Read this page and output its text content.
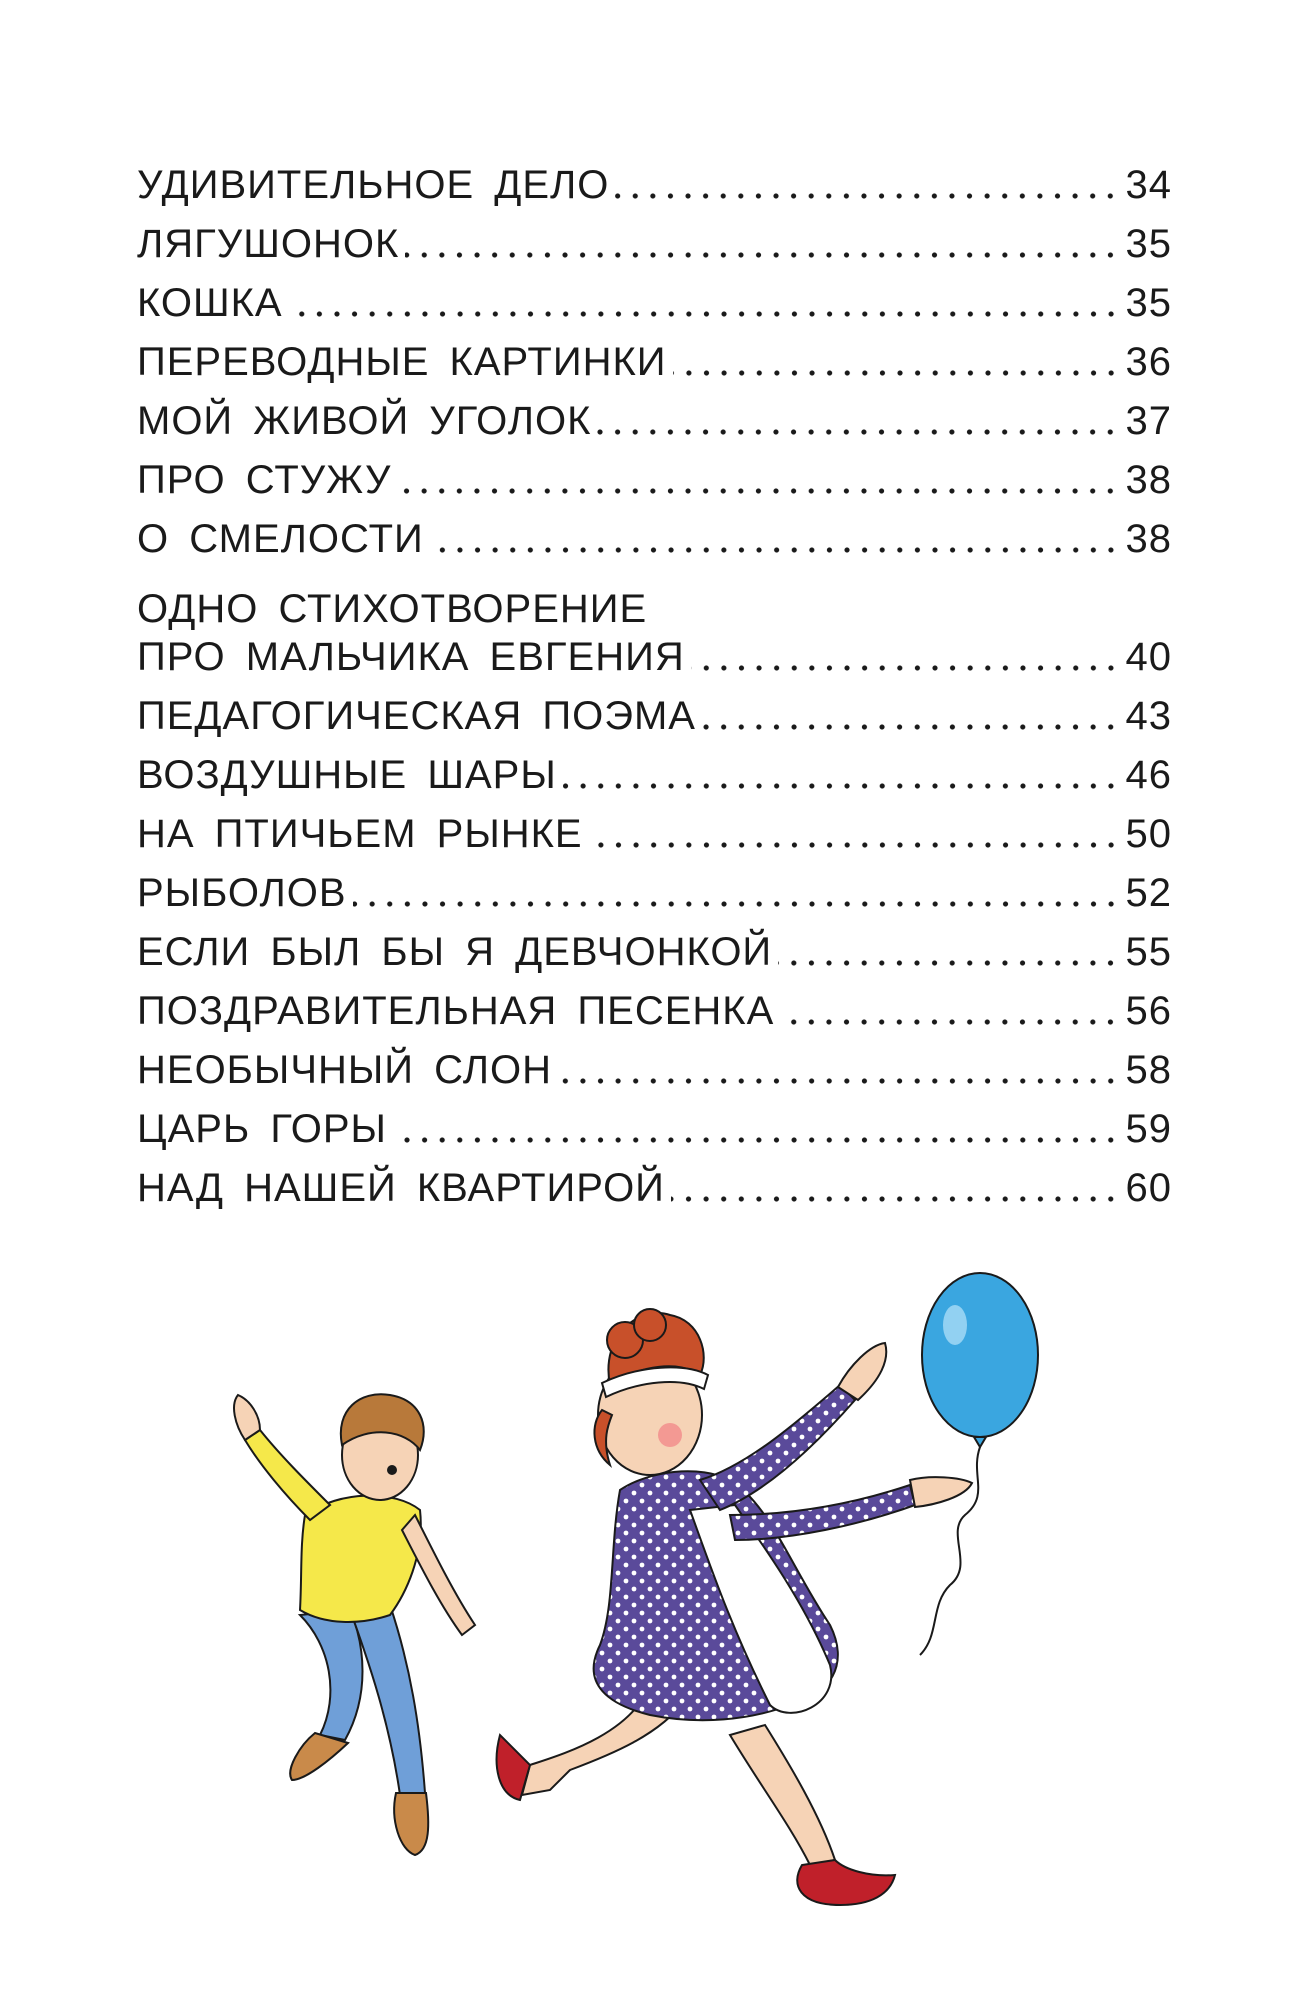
УДИВИТЕЛЬНОЕ ДЕЛО	34
ЛЯГУШОНОК	35
КОШКА	35
ПЕРЕВОДНЫЕ КАРТИНКИ	36
МОЙ ЖИВОЙ УГОЛОК	37
ПРО СТУЖУ	38
О СМЕЛОСТИ	38
ОДНО СТИХОТВОРЕНИЕ
ПРО МАЛЬЧИКА ЕВГЕНИЯ	40
ПЕДАГОГИЧЕСКАЯ ПОЭМА	43
ВОЗДУШНЫЕ ШАРЫ	46
НА ПТИЧЬЕМ РЫНКЕ	50
РЫБОЛОВ	52
ЕСЛИ БЫЛ БЫ Я ДЕВЧОНКОЙ	55
ПОЗДРАВИТЕЛЬНАЯ ПЕСЕНКА	56
НЕОБЫЧНЫЙ СЛОН	58
ЦАРЬ ГОРЫ	59
НАД НАШЕЙ КВАРТИРОЙ	60
